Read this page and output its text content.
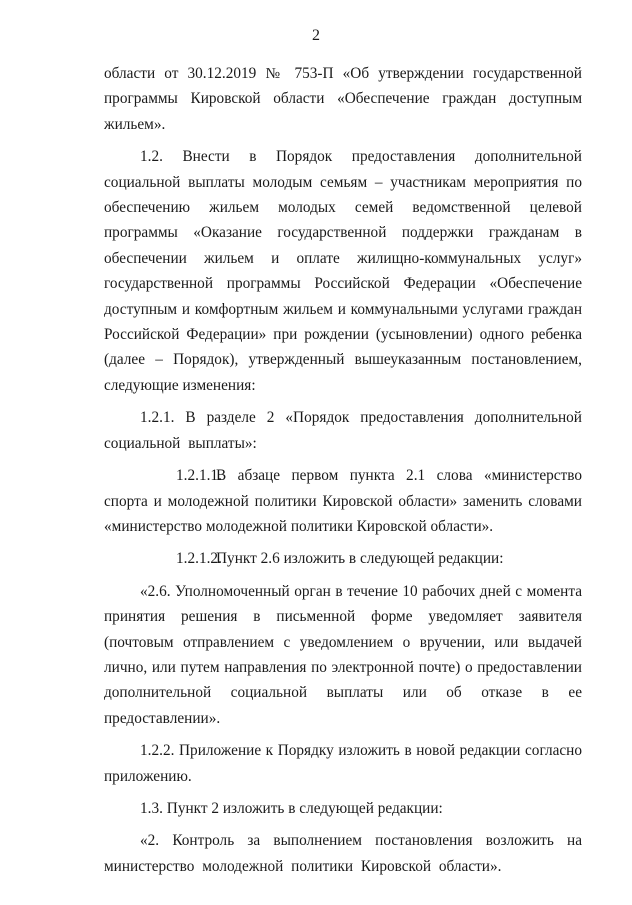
2

области от 30.12.2019 № 753-П «Об утверждении государственной программы Кировской области «Обеспечение граждан доступным жильем».

1.2. Внести в Порядок предоставления дополнительной социальной выплаты молодым семьям – участникам мероприятия по обеспечению жильем молодых семей ведомственной целевой программы «Оказание государственной поддержки гражданам в обеспечении жильем и оплате жилищно-коммунальных услуг» государственной программы Российской Федерации «Обеспечение доступным и комфортным жильем и коммунальными услугами граждан Российской Федерации» при рождении (усыновлении) одного ребенка (далее – Порядок), утвержденный вышеуказанным постановлением, следующие изменения:

1.2.1. В разделе 2 «Порядок предоставления дополнительной социальной выплаты»:

1.2.1.1.В абзаце первом пункта 2.1 слова «министерство спорта и молодежной политики Кировской области» заменить словами «министерство молодежной политики Кировской области».

1.2.1.2.Пункт 2.6 изложить в следующей редакции:

«2.6. Уполномоченный орган в течение 10 рабочих дней с момента принятия решения в письменной форме уведомляет заявителя (почтовым отправлением с уведомлением о вручении, или выдачей лично, или путем направления по электронной почте) о предоставлении дополнительной социальной выплаты или об отказе в ее предоставлении».

1.2.2. Приложение к Порядку изложить в новой редакции согласно приложению.

1.3. Пункт 2 изложить в следующей редакции:

«2. Контроль за выполнением постановления возложить на министерство молодежной политики Кировской области».
